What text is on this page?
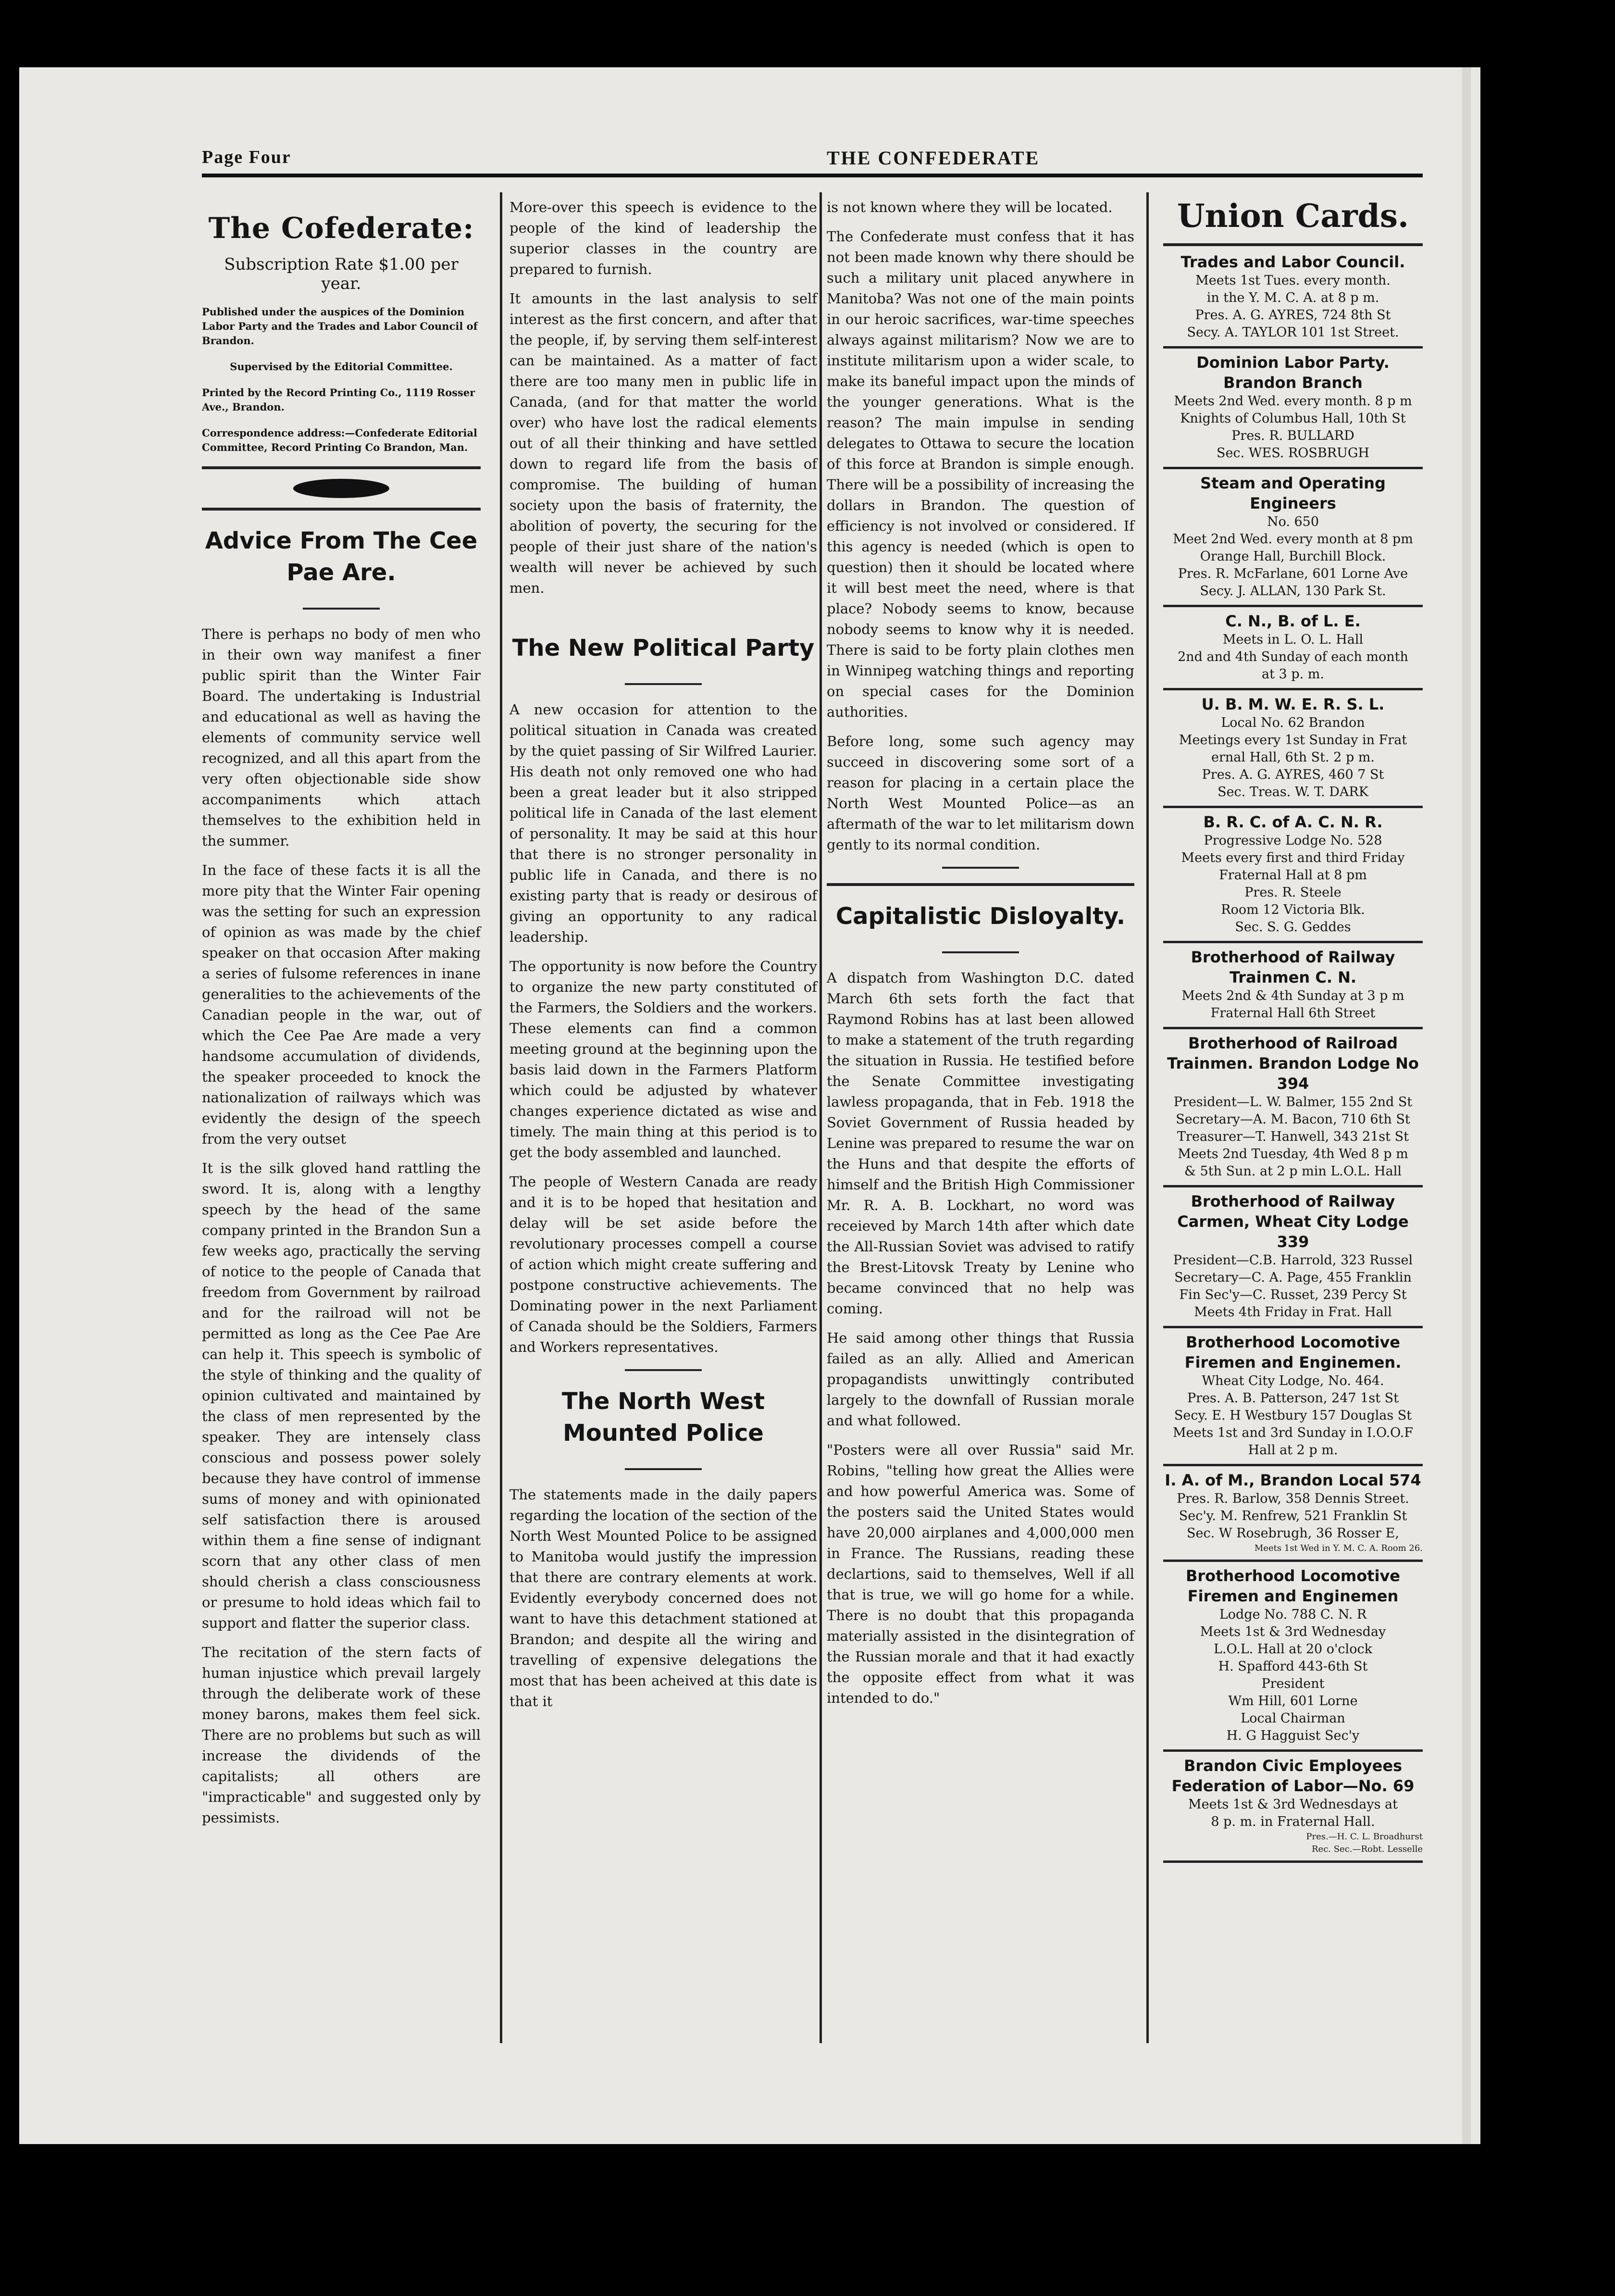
Page Four	THE CONFEDERATE
The Cofederate:
Subscription Rate $1.00 per year.

Published under the auspices of the Dominion Labor Party and the Trades and Labor Council of Brandon.

Supervised by the Editorial Committee.

Printed by the Record Printing Co., 1119 Rosser Ave., Brandon.

Correspondence address:—Confederate Editorial Committee, Record Printing Co Brandon, Man.

Advice From The Cee Pae Are.

There is perhaps no body of men who in their own way manifest a finer public spirit than the Winter Fair Board. The undertaking is Industrial and educational as well as having the elements of community service well recognized, and all this apart from the very often objectionable side show accompaniments which attach themselves to the exhibition held in the summer.

In the face of these facts it is all the more pity that the Winter Fair opening was the setting for such an expression of opinion as was made by the chief speaker on that occasion After making a series of fulsome references in inane generalities to the achievements of the Canadian people in the war, out of which the Cee Pae Are made a very handsome accumulation of dividends, the speaker proceeded to knock the nationalization of railways which was evidently the design of the speech from the very outset

It is the silk gloved hand rattling the sword. It is, along with a lengthy speech by the head of the same company printed in the Brandon Sun a few weeks ago, practically the serving of notice to the people of Canada that freedom from Government by railroad and for the railroad will not be permitted as long as the Cee Pae Are can help it. This speech is symbolic of the style of thinking and the quality of opinion cultivated and maintained by the class of men represented by the speaker. They are intensely class conscious and possess power solely because they have control of immense sums of money and with opinionated self satisfaction there is aroused within them a fine sense of indignant scorn that any other class of men should cherish a class consciousness or presume to hold ideas which fail to support and flatter the superior class.

The recitation of the stern facts of human injustice which prevail largely through the deliberate work of these money barons, makes them feel sick. There are no problems but such as will increase the dividends of the capitalists; all others are "impracticable" and suggested only by pessimists.

More-over this speech is evidence to the people of the kind of leadership the superior classes in the country are prepared to furnish.

It amounts in the last analysis to self interest as the first concern, and after that the people, if, by serving them self-interest can be maintained. As a matter of fact there are too many men in public life in Canada, (and for that matter the world over) who have lost the radical elements out of all their thinking and have settled down to regard life from the basis of compromise. The building of human society upon the basis of fraternity, the abolition of poverty, the securing for the people of their just share of the nation's wealth will never be achieved by such men.

The New Political Party

A new occasion for attention to the political situation in Canada was created by the quiet passing of Sir Wilfred Laurier. His death not only removed one who had been a great leader but it also stripped political life in Canada of the last element of personality. It may be said at this hour that there is no stronger personality in public life in Canada, and there is no existing party that is ready or desirous of giving an opportunity to any radical leadership.

The opportunity is now before the Country to organize the new party constituted of the Farmers, the Soldiers and the workers. These elements can find a common meeting ground at the beginning upon the basis laid down in the Farmers Platform which could be adjusted by whatever changes experience dictated as wise and timely. The main thing at this period is to get the body assembled and launched.

The people of Western Canada are ready and it is to be hoped that hesitation and delay will be set aside before the revolutionary processes compell a course of action which might create suffering and postpone constructive achievements. The Dominating power in the next Parliament of Canada should be the Soldiers, Farmers and Workers representatives.

The North West Mounted Police

The statements made in the daily papers regarding the location of the section of the North West Mounted Police to be assigned to Manitoba would justify the impression that there are contrary elements at work. Evidently everybody concerned does not want to have this detachment stationed at Brandon; and despite all the wiring and travelling of expensive delegations the most that has been acheived at this date is that it

is not known where they will be located.

The Confederate must confess that it has not been made known why there should be such a military unit placed anywhere in Manitoba? Was not one of the main points in our heroic sacrifices, war-time speeches always against militarism? Now we are to institute militarism upon a wider scale, to make its baneful impact upon the minds of the younger generations. What is the reason? The main impulse in sending delegates to Ottawa to secure the location of this force at Brandon is simple enough. There will be a possibility of increasing the dollars in Brandon. The question of efficiency is not involved or considered. If this agency is needed (which is open to question) then it should be located where it will best meet the need, where is that place? Nobody seems to know, because nobody seems to know why it is needed. There is said to be forty plain clothes men in Winnipeg watching things and reporting on special cases for the Dominion authorities.

Before long, some such agency may succeed in discovering some sort of a reason for placing in a certain place the North West Mounted Police—as an aftermath of the war to let militarism down gently to its normal condition.

Capitalistic Disloyalty.

A dispatch from Washington D.C. dated March 6th sets forth the fact that Raymond Robins has at last been allowed to make a statement of the truth regarding the situation in Russia. He testified before the Senate Committee investigating lawless propaganda, that in Feb. 1918 the Soviet Government of Russia headed by Lenine was prepared to resume the war on the Huns and that despite the efforts of himself and the British High Commissioner Mr. R. A. B. Lockhart, no word was receieved by March 14th after which date the All-Russian Soviet was advised to ratify the Brest-Litovsk Treaty by Lenine who became convinced that no help was coming.

He said among other things that Russia failed as an ally. Allied and American propagandists unwittingly contributed largely to the downfall of Russian morale and what followed.

"Posters were all over Russia" said Mr. Robins, "telling how great the Allies were and how powerful America was. Some of the posters said the United States would have 20,000 airplanes and 4,000,000 men in France. The Russians, reading these declartions, said to themselves, Well if all that is true, we will go home for a while. There is no doubt that this propaganda materially assisted in the disintegration of the Russian morale and that it had exactly the opposite effect from what it was intended to do."

Union Cards.
Trades and Labor Council.
Meets 1st Tues. every month.
in the Y. M. C. A. at 8 p m.
Pres. A. G. AYRES, 724 8th St
Secy. A. TAYLOR 101 1st Street.
Dominion Labor Party. Brandon Branch
Meets 2nd Wed. every month. 8 p m
Knights of Columbus Hall, 10th St
Pres. R. BULLARD
Sec. WES. ROSBRUGH
Steam and Operating Engineers
No. 650
Meet 2nd Wed. every month at 8 pm
Orange Hall, Burchill Block.
Pres. R. McFarlane, 601 Lorne Ave
Secy. J. ALLAN, 130 Park St.
C. N., B. of L. E.
Meets in L. O. L. Hall
2nd and 4th Sunday of each month
at 3 p. m.
U. B. M. W. E. R. S. L.
Local No. 62 Brandon
Meetings every 1st Sunday in Frat
ernal Hall, 6th St. 2 p m.
Pres. A. G. AYRES, 460 7 St
Sec. Treas. W. T. DARK
B. R. C. of A. C. N. R.
Progressive Lodge No. 528
Meets every first and third Friday
Fraternal Hall at 8 pm
Pres. R. Steele
Room 12 Victoria Blk.
Sec. S. G. Geddes
Brotherhood of Railway Trainmen C. N.
Meets 2nd & 4th Sunday at 3 p m
Fraternal Hall 6th Street
Brotherhood of Railroad Trainmen. Brandon Lodge No 394
President—L. W. Balmer, 155 2nd St
Secretary—A. M. Bacon, 710 6th St
Treasurer—T. Hanwell, 343 21st St
Meets 2nd Tuesday, 4th Wed 8 p m
& 5th Sun. at 2 p min L.O.L. Hall
Brotherhood of Railway Carmen, Wheat City Lodge 339
President—C.B. Harrold, 323 Russel
Secretary—C. A. Page, 455 Franklin
Fin Sec'y—C. Russet, 239 Percy St
Meets 4th Friday in Frat. Hall
Brotherhood Locomotive Firemen and Enginemen.
Wheat City Lodge, No. 464.
Pres. A. B. Patterson, 247 1st St
Secy. E. H Westbury 157 Douglas St
Meets 1st and 3rd Sunday in I.O.O.F
Hall at 2 p m.
I. A. of M., Brandon Local 574
Pres. R. Barlow, 358 Dennis Street.
Sec'y. M. Renfrew, 521 Franklin St
Sec. W Rosebrugh, 36 Rosser E,
Meets 1st Wed in Y. M. C. A. Room 26.
Brotherhood Locomotive Firemen and Enginemen
Lodge No. 788 C. N. R
Meets 1st & 3rd Wednesday
L.O.L. Hall at 20 o'clock
H. Spafford 443-6th St
President
Wm Hill, 601 Lorne
Local Chairman
H. G Hagguist Sec'y
Brandon Civic Employees Federation of Labor—No. 69
Meets 1st & 3rd Wednesdays at
8 p. m. in Fraternal Hall.
Pres.—H. C. L. Broadhurst
Rec. Sec.—Robt. Lesselle
